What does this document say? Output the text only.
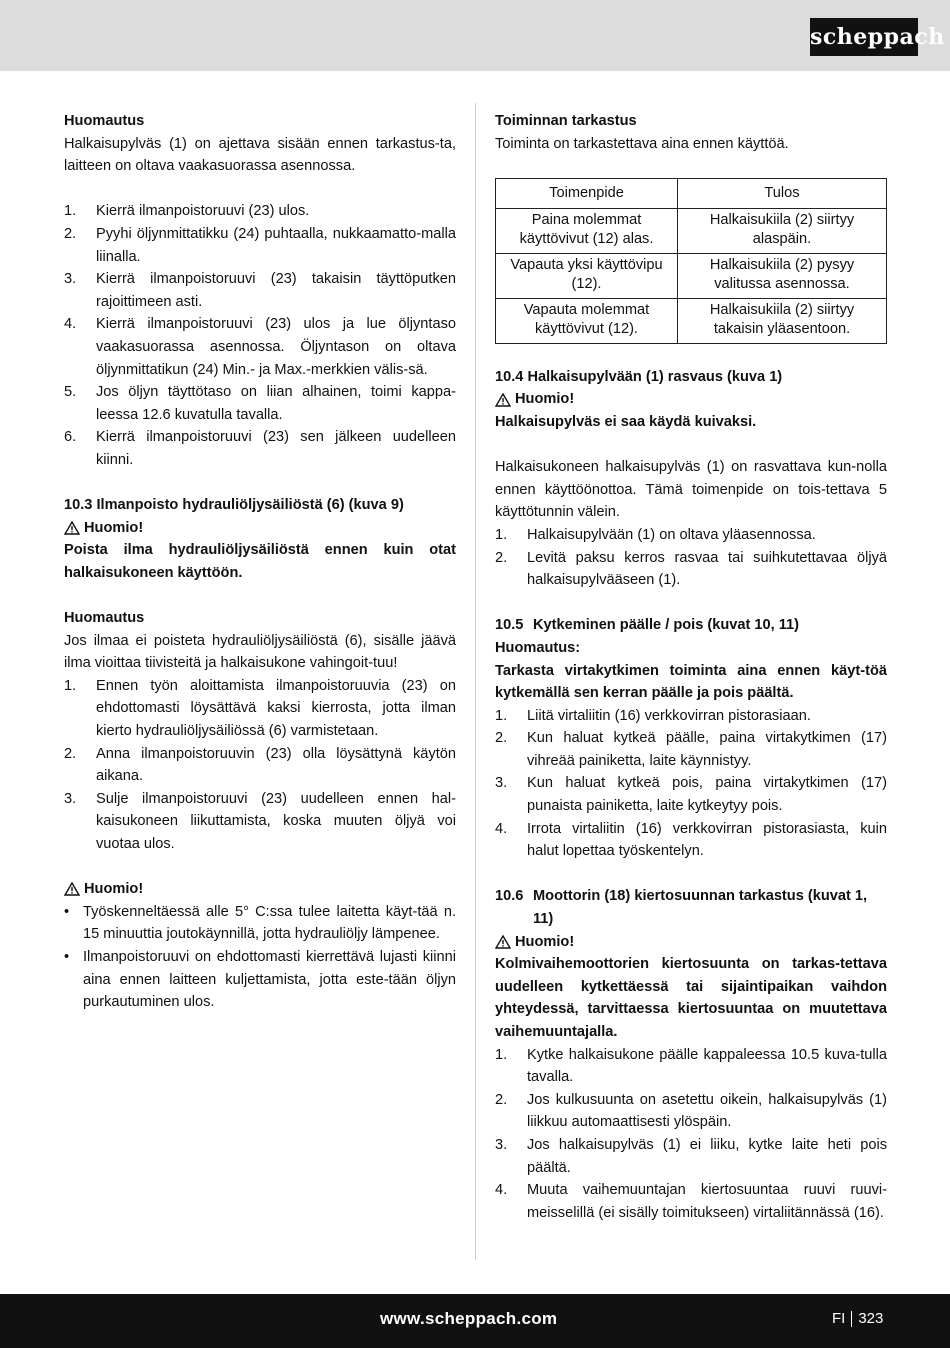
scheppach
Huomautus
Halkaisupylväs (1) on ajettava sisään ennen tarkastus-ta, laitteen on oltava vaakasuorassa asennossa.
1. Kierrä ilmanpoistoruuvi (23) ulos.
2. Pyyhi öljynmittatikku (24) puhtaalla, nukkaamatto-malla liinalla.
3. Kierrä ilmanpoistoruuvi (23) takaisin täyttöputken rajoittimeen asti.
4. Kierrä ilmanpoistoruuvi (23) ulos ja lue öljyntaso vaakasuorassa asennossa. Öljyntason on oltava öljynmittatikun (24) Min.- ja Max.-merkkien välis-sä.
5. Jos öljyn täyttötaso on liian alhainen, toimi kappa-leessa 12.6 kuvatulla tavalla.
6. Kierrä ilmanpoistoruuvi (23) sen jälkeen uudelleen kiinni.
10.3 Ilmanpoisto hydrauliöljysäiliöstä (6) (kuva 9)
Huomio!
Poista ilma hydrauliöljysäiliöstä ennen kuin otat halkaisukoneen käyttöön.
Huomautus
Jos ilmaa ei poisteta hydrauliöljysäiliöstä (6), sisälle jäävä ilma vioittaa tiivisteitä ja halkaisukone vahingoit-tuu!
1. Ennen työn aloittamista ilmanpoistoruuvia (23) on ehdottomasti löysättävä kaksi kierrosta, jotta ilman kierto hydrauliöljysäiliössä (6) varmistetaan.
2. Anna ilmanpoistoruuvin (23) olla löysättynä käytön aikana.
3. Sulje ilmanpoistoruuvi (23) uudelleen ennen hal-kaisukoneen liikuttamista, koska muuten öljyä voi vuotaa ulos.
Huomio!
• Työskenneltäessä alle 5° C:ssa tulee laitetta käyt-tää n. 15 minuuttia joutokäynnillä, jotta hydrauliöljy lämpenee.
• Ilmanpoistoruuvi on ehdottomasti kierrettävä lujasti kiinni aina ennen laitteen kuljettamista, jotta este-tään öljyn purkautuminen ulos.
Toiminnan tarkastus
Toiminta on tarkastettava aina ennen käyttöä.
Toimenpide	Tulos
Paina molemmat käyttövivut (12) alas.	Halkaisukiila (2) siirtyy alaspäin.
Vapauta yksi käyttövipu (12).	Halkaisukiila (2) pysyy valitussa asennossa.
Vapauta molemmat käyttövivut (12).	Halkaisukiila (2) siirtyy takaisin yläasentoon.
10.4 Halkaisupylvään (1) rasvaus (kuva 1)
Huomio!
Halkaisupylväs ei saa käydä kuivaksi.
Halkaisukoneen halkaisupylväs (1) on rasvattava kun-nolla ennen käyttöönottoa. Tämä toimenpide on tois-tettava 5 käyttötunnin välein.
1. Halkaisupylvään (1) on oltava yläasennossa.
2. Levitä paksu kerros rasvaa tai suihkutettavaa öljyä halkaisupylvääseen (1).
10.5 Kytkeminen päälle / pois (kuvat 10, 11)
Huomautus:
Tarkasta virtakytkimen toiminta aina ennen käyt-töä kytkemällä sen kerran päälle ja pois päältä.
1. Liitä virtaliitin (16) verkkovirran pistorasiaan.
2. Kun haluat kytkeä päälle, paina virtakytkimen (17) vihreää painiketta, laite käynnistyy.
3. Kun haluat kytkeä pois, paina virtakytkimen (17) punaista painiketta, laite kytkeytyy pois.
4. Irrota virtaliitin (16) verkkovirran pistorasiasta, kuin halut lopettaa työskentelyn.
10.6 Moottorin (18) kiertosuunnan tarkastus (kuvat 1, 11)
Huomio!
Kolmivaihemoottorien kiertosuunta on tarkas-tettava uudelleen kytkettäessä tai sijaintipaikan vaihdon yhteydessä, tarvittaessa kiertosuuntaa on muutettava vaihemuuntajalla.
1. Kytke halkaisukone päälle kappaleessa 10.5 kuva-tulla tavalla.
2. Jos kulkusuunta on asetettu oikein, halkaisupylväs (1) liikkuu automaattisesti ylöspäin.
3. Jos halkaisupylväs (1) ei liiku, kytke laite heti pois päältä.
4. Muuta vaihemuuntajan kiertosuuntaa ruuvi ruuvi-meisselillä (ei sisälly toimitukseen) virtaliitännässä (16).
www.scheppach.com	FI 323
